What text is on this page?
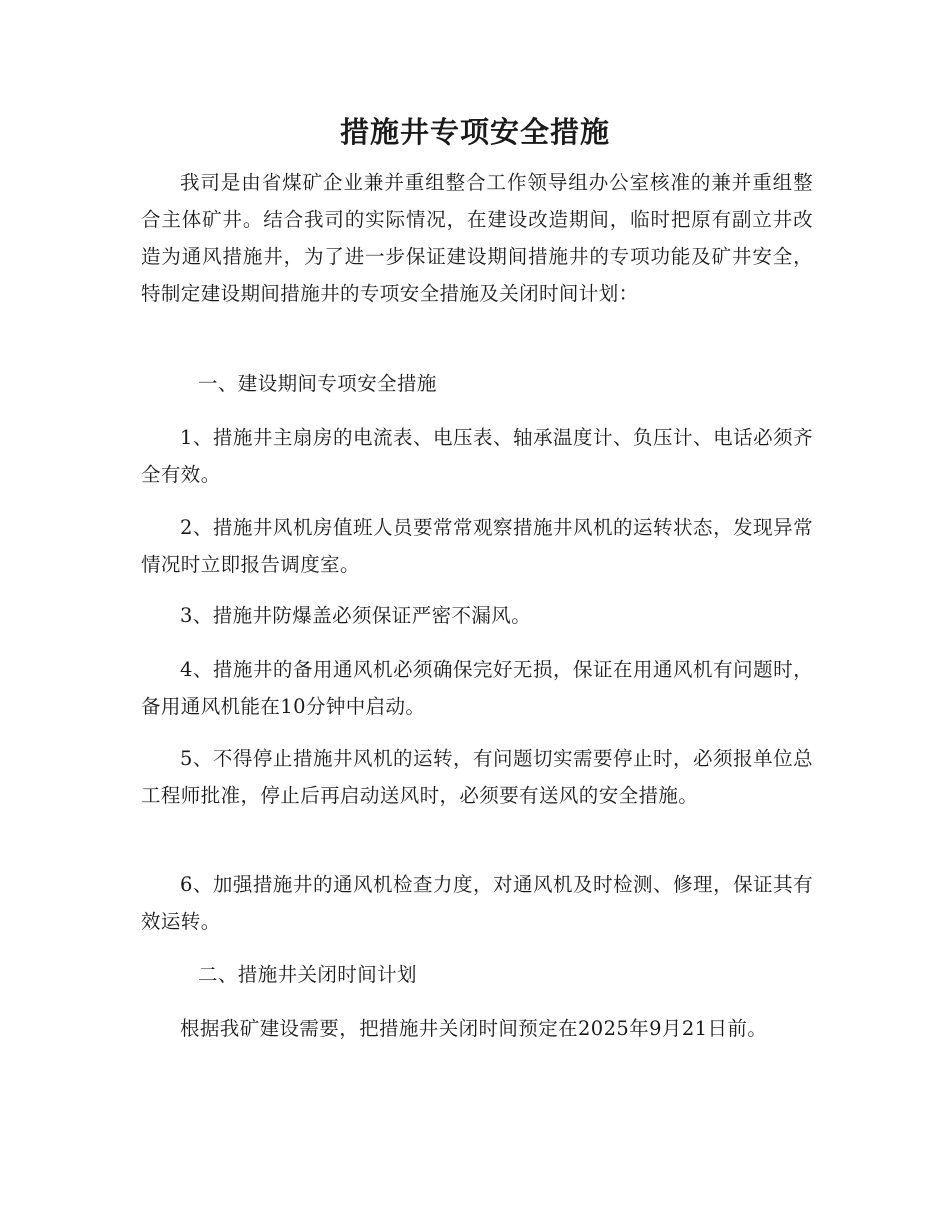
措施井专项安全措施

我司是由省煤矿企业兼并重组整合工作领导组办公室核准的兼并重组整合主体矿井。结合我司的实际情况，在建设改造期间，临时把原有副立井改造为通风措施井，为了进一步保证建设期间措施井的专项功能及矿井安全，特制定建设期间措施井的专项安全措施及关闭时间计划：

一、建设期间专项安全措施

1、措施井主扇房的电流表、电压表、轴承温度计、负压计、电话必须齐全有效。

2、措施井风机房值班人员要常常观察措施井风机的运转状态，发现异常情况时立即报告调度室。

3、措施井防爆盖必须保证严密不漏风。

4、措施井的备用通风机必须确保完好无损，保证在用通风机有问题时，备用通风机能在10分钟中启动。

5、不得停止措施井风机的运转，有问题切实需要停止时，必须报单位总工程师批准，停止后再启动送风时，必须要有送风的安全措施。

6、加强措施井的通风机检查力度，对通风机及时检测、修理，保证其有效运转。

二、措施井关闭时间计划

根据我矿建设需要，把措施井关闭时间预定在2025年9月21日前。
